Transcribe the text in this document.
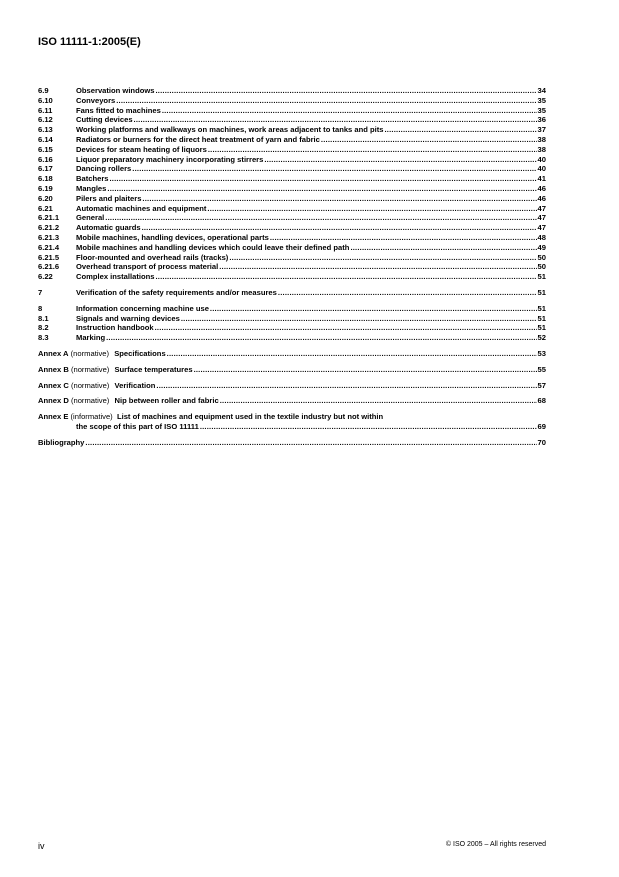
ISO 11111-1:2005(E)
6.9	Observation windows .....	34
6.10	Conveyors .....	35
6.11	Fans fitted to machines .....	35
6.12	Cutting devices .....	36
6.13	Working platforms and walkways on machines, work areas adjacent to tanks and pits .....	37
6.14	Radiators or burners for the direct heat treatment of yarn and fabric .....	38
6.15	Devices for steam heating of liquors .....	38
6.16	Liquor preparatory machinery incorporating stirrers .....	40
6.17	Dancing rollers .....	40
6.18	Batchers .....	41
6.19	Mangles .....	46
6.20	Pilers and plaiters .....	46
6.21	Automatic machines and equipment .....	47
6.21.1	General .....	47
6.21.2	Automatic guards .....	47
6.21.3	Mobile machines, handling devices, operational parts .....	48
6.21.4	Mobile machines and handling devices which could leave their defined path .....	49
6.21.5	Floor-mounted and overhead rails (tracks) .....	50
6.21.6	Overhead transport of process material .....	50
6.22	Complex installations .....	51
7	Verification of the safety requirements and/or measures .....	51
8	Information concerning machine use .....	51
8.1	Signals and warning devices .....	51
8.2	Instruction handbook .....	51
8.3	Marking .....	52
Annex A
(normative)
Specifications .....	53
Annex B
(normative)
Surface temperatures .....	55
Annex C
(normative)
Verification .....	57
Annex D
(normative)
Nip between roller and fabric .....	68
Annex E
(informative)
List of machines and equipment used in the textile industry but not within
the scope of this part of ISO 11111 .....	69
Bibliography .....	70
iv	© ISO 2005 – All rights reserved
